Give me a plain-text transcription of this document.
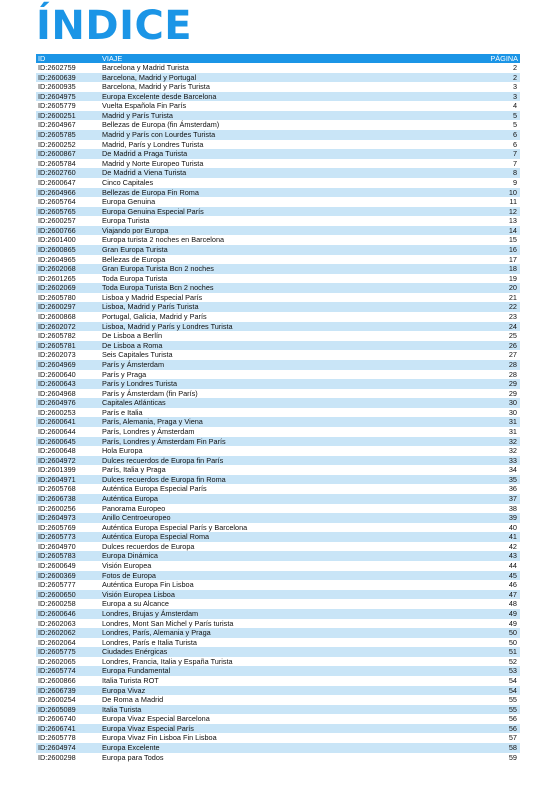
ÍNDICE
ID	VIAJE	PÁGINA
ID:2602759	Barcelona y Madrid Turista	2
ID:2600639	Barcelona, Madrid y Portugal	2
ID:2600935	Barcelona, Madrid y París Turista	3
ID:2604975	Europa Excelente desde Barcelona	3
ID:2605779	Vuelta Española Fin París	4
ID:2600251	Madrid y París Turista	5
ID:2604967	Bellezas de Europa (fin Ámsterdam)	5
ID:2605785	Madrid y París con Lourdes Turista	6
ID:2600252	Madrid, París y Londres Turista	6
ID:2600867	De Madrid a Praga Turista	7
ID:2605784	Madrid y Norte Europeo Turista	7
ID:2602760	De Madrid a Viena Turista	8
ID:2600647	Cinco Capitales	9
ID:2604966	Bellezas de Europa Fin Roma	10
ID:2605764	Europa Genuina	11
ID:2605765	Europa Genuina Especial París	12
ID:2600257	Europa Turista	13
ID:2600766	Viajando por Europa	14
ID:2601400	Europa turista 2 noches en Barcelona	15
ID:2600865	Gran Europa Turista	16
ID:2604965	Bellezas de Europa	17
ID:2602068	Gran Europa Turista Bcn 2 noches	18
ID:2601265	Toda Europa Turista	19
ID:2602069	Toda Europa Turista Bcn 2 noches	20
ID:2605780	Lisboa y Madrid Especial París	21
ID:2600297	Lisboa, Madrid y París Turista	22
ID:2600868	Portugal, Galicia, Madrid y París	23
ID:2602072	Lisboa, Madrid y París y Londres Turista	24
ID:2605782	De Lisboa a Berlín	25
ID:2605781	De Lisboa a Roma	26
ID:2602073	Seis Capitales Turista	27
ID:2604969	París y Ámsterdam	28
ID:2600640	París y Praga	28
ID:2600643	París y Londres Turista	29
ID:2604968	París y Ámsterdam (fin París)	29
ID:2604976	Capitales Atlánticas	30
ID:2600253	París e Italia	30
ID:2600641	París, Alemania, Praga y Viena	31
ID:2600644	París, Londres y Ámsterdam	31
ID:2600645	París, Londres y Ámsterdam Fin París	32
ID:2600648	Hola Europa	32
ID:2604972	Dulces recuerdos de Europa fin París	33
ID:2601399	París, Italia y Praga	34
ID:2604971	Dulces recuerdos de Europa fin Roma	35
ID:2605768	Auténtica Europa Especial París	36
ID:2606738	Auténtica Europa	37
ID:2600256	Panorama Europeo	38
ID:2604973	Anillo Centroeuropeo	39
ID:2605769	Auténtica Europa Especial París y Barcelona	40
ID:2605773	Auténtica Europa Especial Roma	41
ID:2604970	Dulces recuerdos de Europa	42
ID:2605783	Europa Dinámica	43
ID:2600649	Visión Europea	44
ID:2600369	Fotos de Europa	45
ID:2605777	Auténtica Europa Fin Lisboa	46
ID:2600650	Visión Europea Lisboa	47
ID:2600258	Europa a su Alcance	48
ID:2600646	Londres, Brujas y Ámsterdam	49
ID:2602063	Londres, Mont San Michel y París turista	49
ID:2602062	Londres, París, Alemania y Praga	50
ID:2602064	Londres, París e Italia Turista	50
ID:2605775	Ciudades Enérgicas	51
ID:2602065	Londres, Francia, Italia y España Turista	52
ID:2605774	Europa Fundamental	53
ID:2600866	Italia Turista ROT	54
ID:2606739	Europa Vivaz	54
ID:2600254	De Roma a Madrid	55
ID:2605089	Italia Turista	55
ID:2606740	Europa Vivaz Especial Barcelona	56
ID:2606741	Europa Vivaz Especial París	56
ID:2605778	Europa Vivaz Fin Lisboa Fin Lisboa	57
ID:2604974	Europa Excelente	58
ID:2600298	Europa para Todos	59
